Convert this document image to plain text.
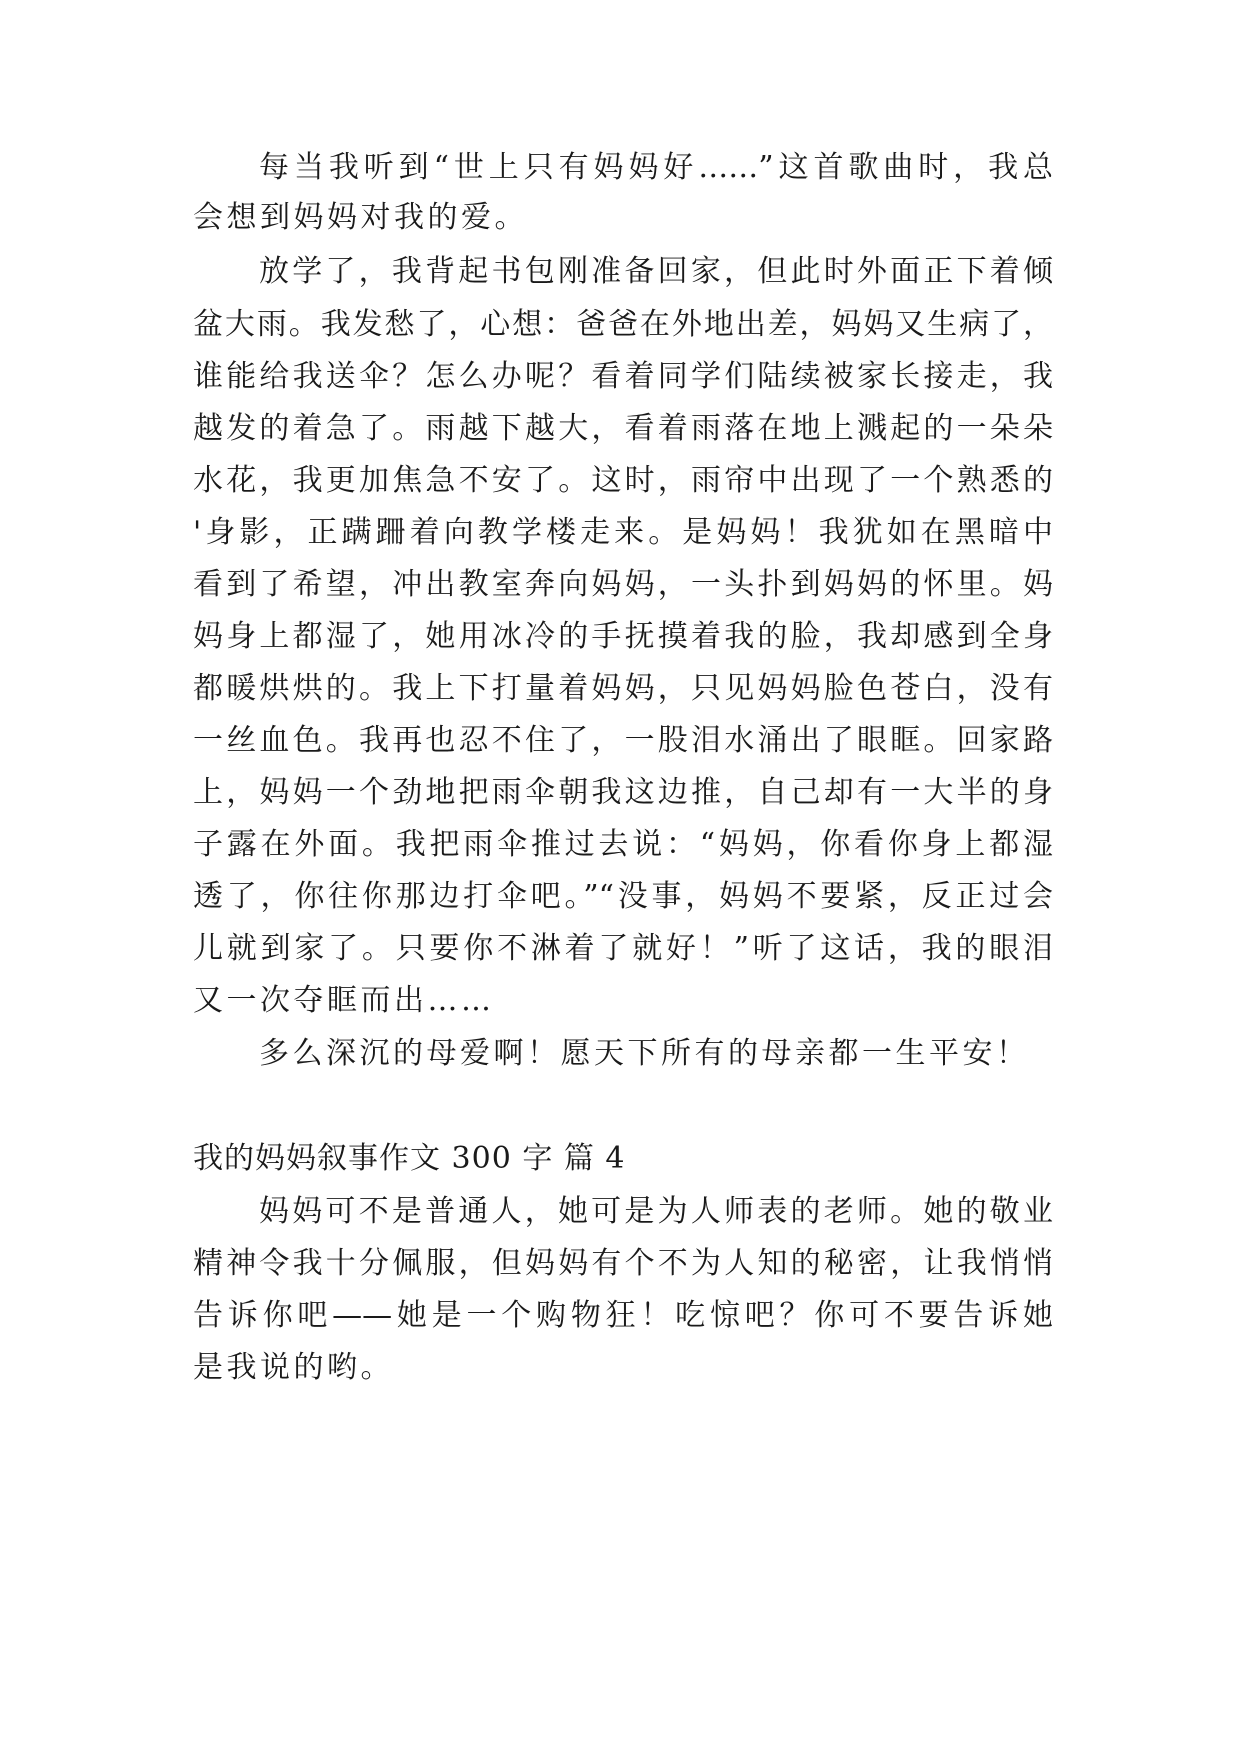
每当我听到“世上只有妈妈好……”这首歌曲时，我总
会想到妈妈对我的爱。
放学了，我背起书包刚准备回家，但此时外面正下着倾
盆大雨。我发愁了，心想：爸爸在外地出差，妈妈又生病了，
谁能给我送伞？怎么办呢？看着同学们陆续被家长接走，我
越发的着急了。雨越下越大，看着雨落在地上溅起的一朵朵
水花，我更加焦急不安了。这时，雨帘中出现了一个熟悉的
'身影，正蹒跚着向教学楼走来。是妈妈！我犹如在黑暗中
看到了希望，冲出教室奔向妈妈，一头扑到妈妈的怀里。妈
妈身上都湿了，她用冰冷的手抚摸着我的脸，我却感到全身
都暖烘烘的。我上下打量着妈妈，只见妈妈脸色苍白，没有
一丝血色。我再也忍不住了，一股泪水涌出了眼眶。回家路
上，妈妈一个劲地把雨伞朝我这边推，自己却有一大半的身
子露在外面。我把雨伞推过去说：“妈妈，你看你身上都湿
透了，你往你那边打伞吧。”“没事，妈妈不要紧，反正过会
儿就到家了。只要你不淋着了就好！”听了这话，我的眼泪
又一次夺眶而出……
多么深沉的母爱啊！愿天下所有的母亲都一生平安！
我的妈妈叙事作文 300 字 篇 4
妈妈可不是普通人，她可是为人师表的老师。她的敬业
精神令我十分佩服，但妈妈有个不为人知的秘密，让我悄悄
告诉你吧——她是一个购物狂！吃惊吧？你可不要告诉她
是我说的哟。
